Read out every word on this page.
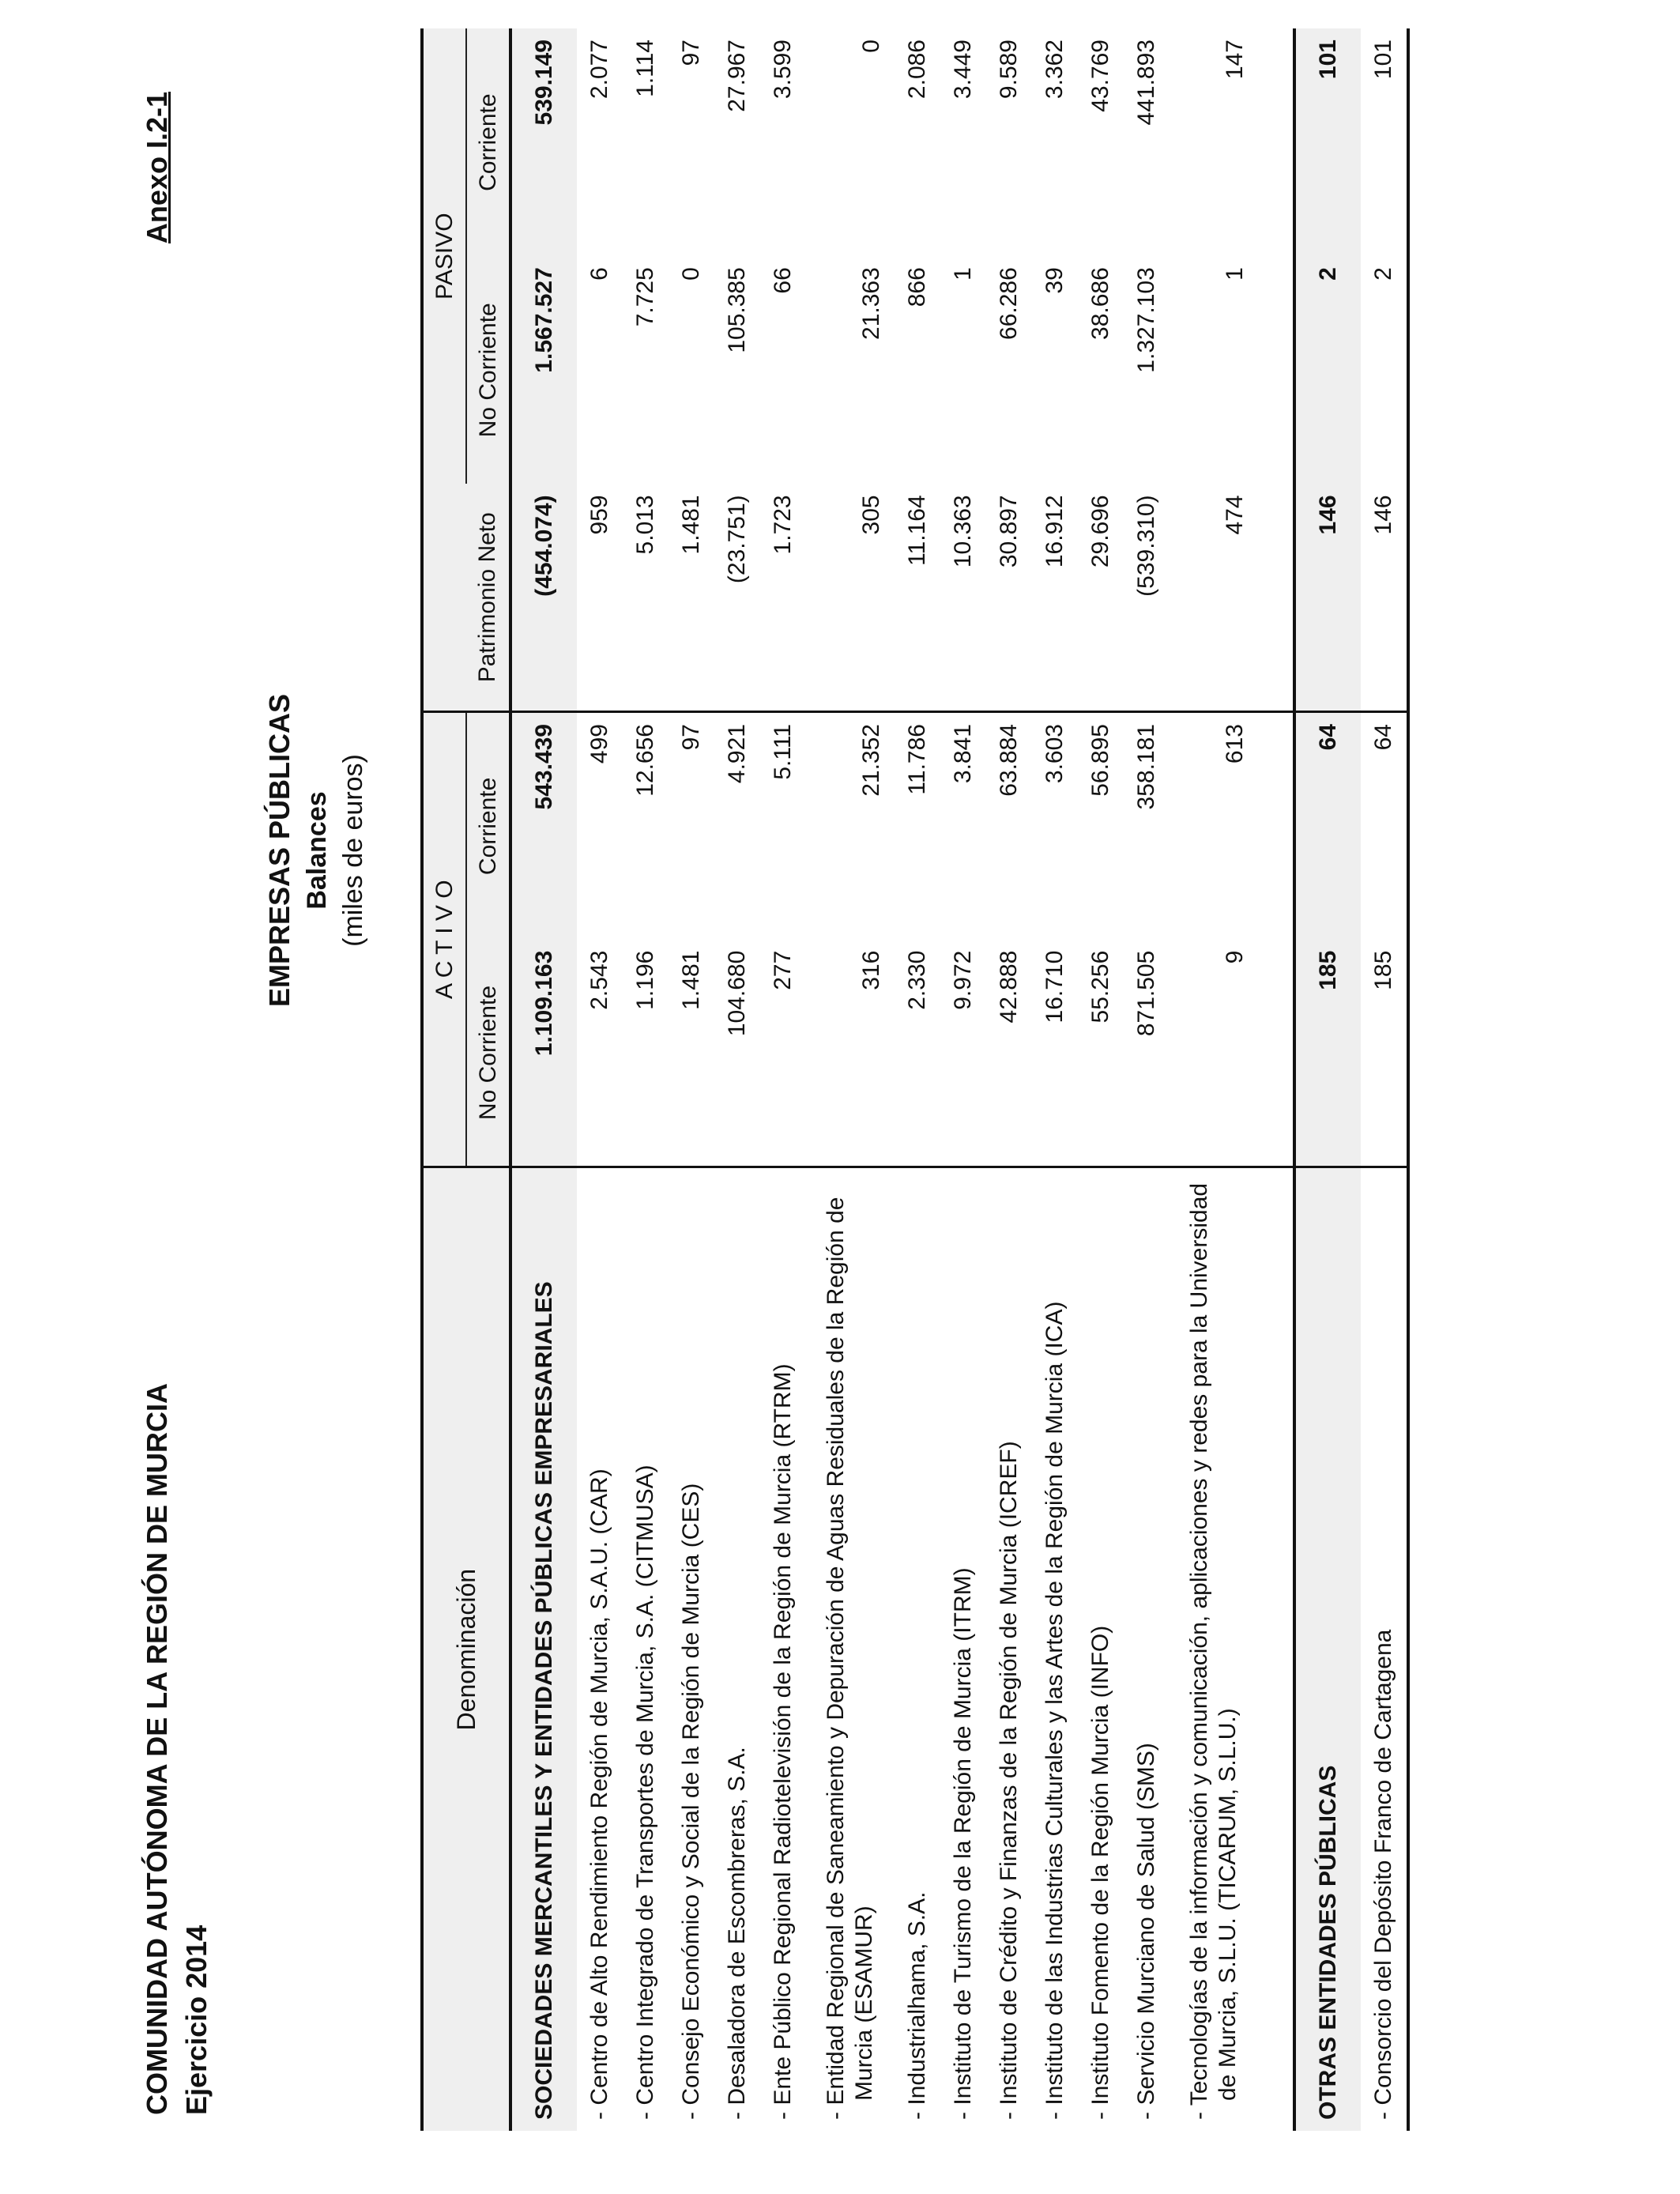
COMUNIDAD AUTÓNOMA DE LA REGIÓN DE MURCIA Ejercicio 2014
Anexo I.2-1
EMPRESAS PÚBLICAS Balances (miles de euros)
Denominación	A C T I V O		Patrimonio Neto	PASIVO	
	No Corriente	Corriente		No Corriente	Corriente
SOCIEDADES MERCANTILES Y ENTIDADES PÚBLICAS EMPRESARIALES	1.109.163	543.439	(454.074)	1.567.527	539.149

- Centro de Alto Rendimiento Región de Murcia, S.A.U. (CAR)	2.543	499	959	6	2.077

- Centro Integrado de Transportes de Murcia, S.A. (CITMUSA)	1.196	12.656	5.013	7.725	1.114

- Consejo Económico y Social de la Región de Murcia (CES)	1.481	97	1.481	0	97

- Desaladora de Escombreras, S.A.	104.680	4.921	(23.751)	105.385	27.967

- Ente Público Regional Radiotelevisión de la Región de Murcia (RTRM)	277	5.111	1.723	66	3.599

- Entidad Regional de Saneamiento y Depuración de Aguas Residuales de la Región de Murcia (ESAMUR)	316	21.352	305	21.363	0

- Industrialhama, S.A.	2.330	11.786	11.164	866	2.086

- Instituto de Turismo de la Región de Murcia (ITRM)	9.972	3.841	10.363	1	3.449

- Instituto de Crédito y Finanzas de la Región de Murcia (ICREF)	42.888	63.884	30.897	66.286	9.589

- Instituto de las Industrias Culturales y las Artes de la Región de Murcia (ICA)	16.710	3.603	16.912	39	3.362

- Instituto Fomento de la Región Murcia (INFO)	55.256	56.895	29.696	38.686	43.769

- Servicio Murciano de Salud (SMS)	871.505	358.181	(539.310)	1.327.103	441.893

- Tecnologías de la información y comunicación, aplicaciones y redes para la Universidad de Murcia, S.L.U. (TICARUM, S.L.U.)	9	613	474	1	147

OTRAS ENTIDADES PÚBLICAS	185	64	146	2	101

- Consorcio del Depósito Franco de Cartagena	185	64	146	2	101
